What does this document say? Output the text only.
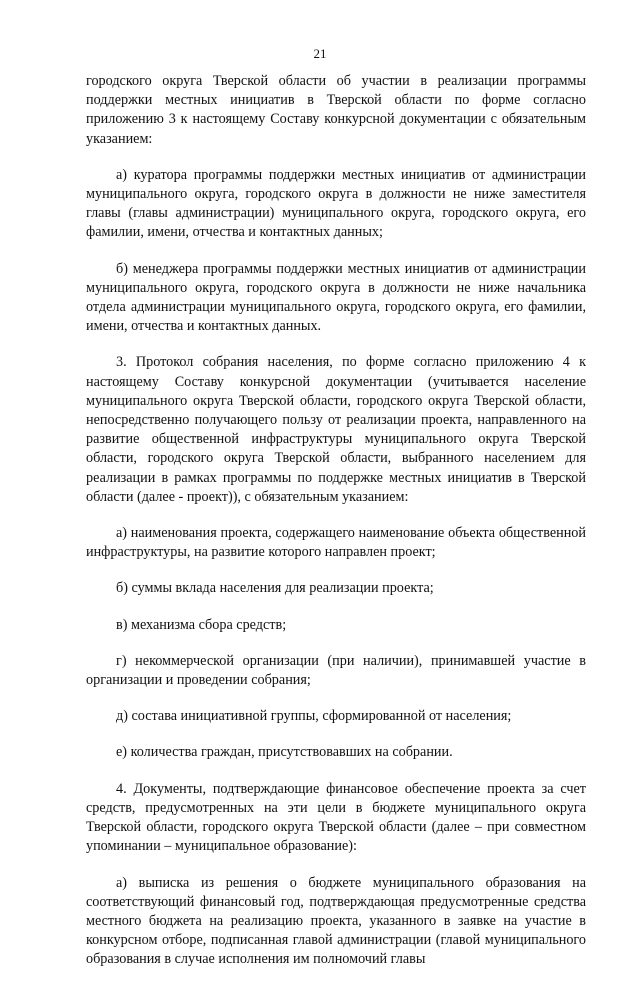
21

городского округа Тверской области об участии в реализации программы поддержки местных инициатив в Тверской области по форме согласно приложению 3 к настоящему Составу конкурсной документации с обязательным указанием:

а) куратора программы поддержки местных инициатив от администрации муниципального округа, городского округа в должности не ниже заместителя главы (главы администрации) муниципального округа, городского округа, его фамилии, имени, отчества и контактных данных;

б) менеджера программы поддержки местных инициатив от администрации муниципального округа, городского округа в должности не ниже начальника отдела администрации муниципального округа, городского округа, его фамилии, имени, отчества и контактных данных.

3. Протокол собрания населения, по форме согласно приложению 4 к настоящему Составу конкурсной документации (учитывается население муниципального округа Тверской области, городского округа Тверской области, непосредственно получающего пользу от реализации проекта, направленного на развитие общественной инфраструктуры муниципального округа Тверской области, городского округа Тверской области, выбранного населением для реализации в рамках программы по поддержке местных инициатив в Тверской области (далее - проект)), с обязательным указанием:

а) наименования проекта, содержащего наименование объекта общественной инфраструктуры, на развитие которого направлен проект;

б) суммы вклада населения для реализации проекта;

в) механизма сбора средств;

г) некоммерческой организации (при наличии), принимавшей участие в организации и проведении собрания;

д) состава инициативной группы, сформированной от населения;

е) количества граждан, присутствовавших на собрании.

4. Документы, подтверждающие финансовое обеспечение проекта за счет средств, предусмотренных на эти цели в бюджете муниципального округа Тверской области, городского округа Тверской области (далее – при совместном упоминании – муниципальное образование):

а) выписка из решения о бюджете муниципального образования на соответствующий финансовый год, подтверждающая предусмотренные средства местного бюджета на реализацию проекта, указанного в заявке на участие в конкурсном отборе, подписанная главой администрации (главой муниципального образования в случае исполнения им полномочий главы
